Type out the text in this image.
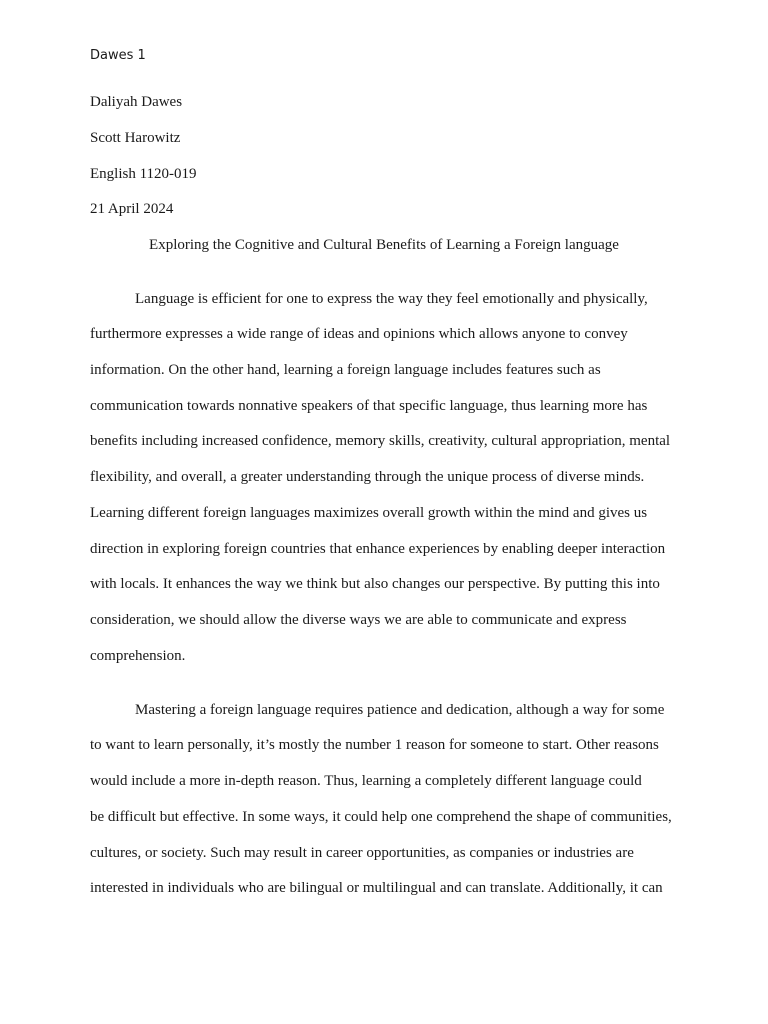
Dawes 1
Daliyah Dawes
Scott Harowitz
English 1120-019
21 April 2024
Exploring the Cognitive and Cultural Benefits of Learning a Foreign language
Language is efficient for one to express the way they feel emotionally and physically,
furthermore expresses a wide range of ideas and opinions which allows anyone to convey
information. On the other hand, learning a foreign language includes features such as
communication towards nonnative speakers of that specific language, thus learning more has
benefits including increased confidence, memory skills, creativity, cultural appropriation, mental
flexibility, and overall, a greater understanding through the unique process of diverse minds.
Learning different foreign languages maximizes overall growth within the mind and gives us
direction in exploring foreign countries that enhance experiences by enabling deeper interaction
with locals. It enhances the way we think but also changes our perspective. By putting this into
consideration, we should allow the diverse ways we are able to communicate and express
comprehension.
Mastering a foreign language requires patience and dedication, although a way for some
to want to learn personally, it’s mostly the number 1 reason for someone to start. Other reasons
would include a more in-depth reason. Thus, learning a completely different language could
be difficult but effective. In some ways, it could help one comprehend the shape of communities,
cultures, or society. Such may result in career opportunities, as companies or industries are
interested in individuals who are bilingual or multilingual and can translate. Additionally, it can
